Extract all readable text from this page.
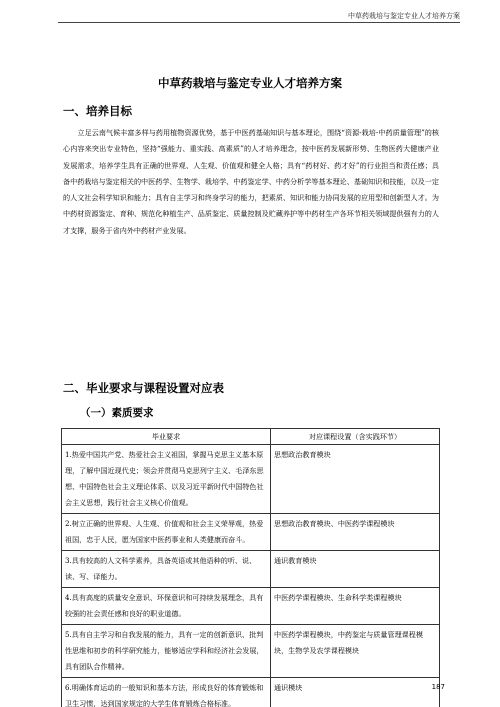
中草药栽培与鉴定专业人才培养方案
中草药栽培与鉴定专业人才培养方案
一、培养目标

立足云南气候丰富多样与药用植物资源优势，基于中医药基础知识与基本理论，围绕“资源-栽培-中药质量管理”的核心内容来突出专业特色，坚持“强能力、重实践、高素质”的人才培养理念，按中医药发展新形势、生物医药大健康产业发展需求，培养学生具有正确的世界观、人生观、价值观和健全人格；具有“药材好、药才好”的行业担当和责任感；具备中药栽培与鉴定相关的中医药学、生物学、栽培学、中药鉴定学、中药分析学等基本理论、基础知识和技能，以及一定的人文社会科学知识和能力；具有自主学习和终身学习的能力，把素质、知识和能力协同发展的应用型和创新型人才。为中药材资源鉴定、育种、规范化种植生产、品质鉴定、质量控制及贮藏养护等中药材生产各环节相关领域提供强有力的人才支撑，服务于省内外中药材产业发展。

二、毕业要求与课程设置对应表
（一）素质要求
毕业要求	对应课程设置（含实践环节）
1.热爱中国共产党、热爱社会主义祖国，掌握马克思主义基本原理，了解中国近现代史；领会并贯彻马克思列宁主义、毛泽东思想、中国特色社会主义理论体系、以及习近平新时代中国特色社会主义思想，践行社会主义核心价值观。	思想政治教育模块
2.树立正确的世界观、人生观、价值观和社会主义荣辱观，热爱祖国，忠于人民，愿为国家中医药事业和人类健康而奋斗。	思想政治教育模块、中医药学课程模块
3.具有较高的人文科学素养，具备英语或其他语种的听、说、读、写、译能力。	通识教育模块
4.具有高度的质量安全意识、环保意识和可持续发展理念，具有较强的社会责任感和良好的职业道德。	中医药学课程模块、生命科学类课程模块
5.具有自主学习和自我发展的能力，具有一定的创新意识、批判性思维和初步的科学研究能力，能够适应学科和经济社会发展，具有团队合作精神。	中医药学课程模块，中药鉴定与质量管理课程模块，生物学及农学课程模块
6.明确体育运动的一般知识和基本方法，形成良好的体育锻炼和卫生习惯，达到国家规定的大学生体育锻炼合格标准。	通识模块	187
